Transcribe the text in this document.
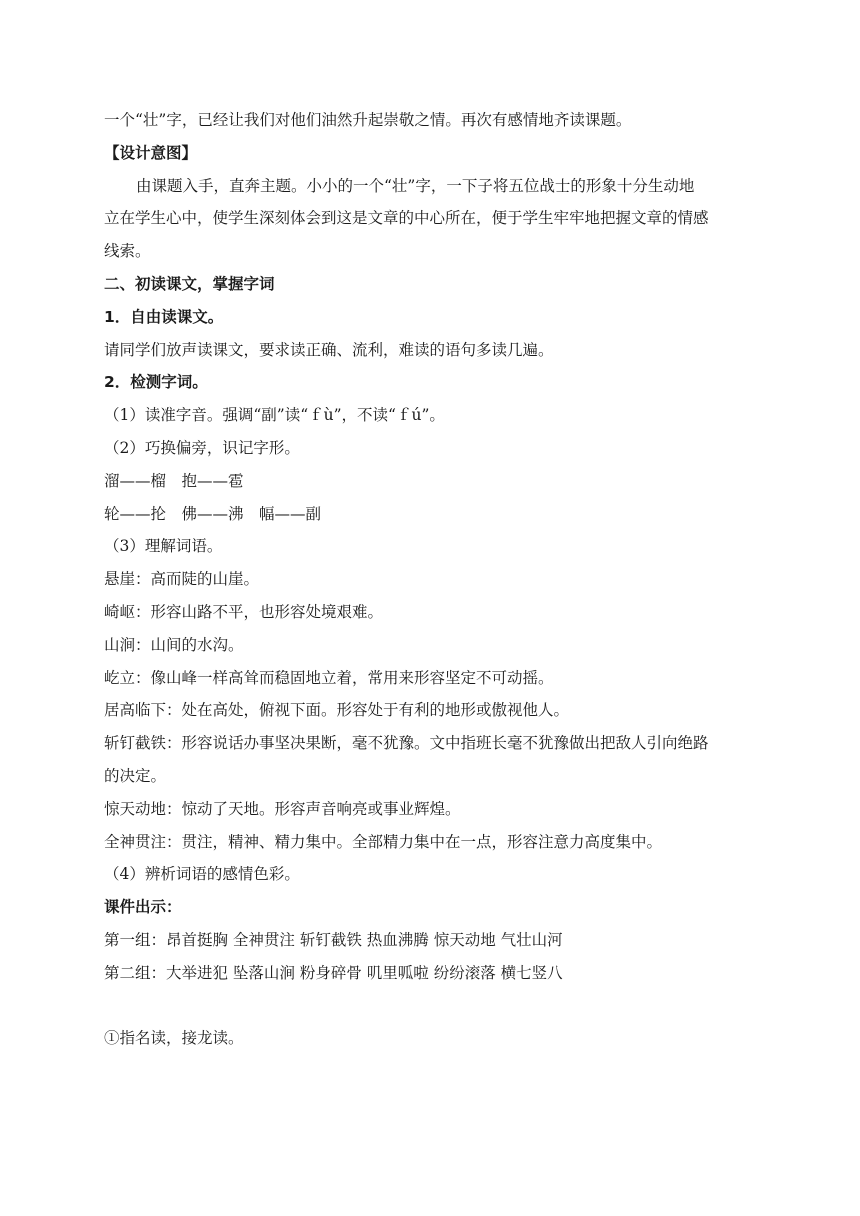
一个“壮”字，已经让我们对他们油然升起崇敬之情。再次有感情地齐读课题。
【设计意图】
由课题入手，直奔主题。小小的一个“壮”字，一下子将五位战士的形象十分生动地
立在学生心中，使学生深刻体会到这是文章的中心所在，便于学生牢牢地把握文章的情感
线索。
二、初读课文，掌握字词
1．自由读课文。
请同学们放声读课文，要求读正确、流利，难读的语句多读几遍。
2．检测字词。
（1）读准字音。强调“副”读“ｆù”，不读“ｆú”。
（2）巧换偏旁，识记字形。
溜——榴　抱——雹
轮——抡　佛——沸　幅——副
（3）理解词语。
悬崖：高而陡的山崖。
崎岖：形容山路不平，也形容处境艰难。
山涧：山间的水沟。
屹立：像山峰一样高耸而稳固地立着，常用来形容坚定不可动摇。
居高临下：处在高处，俯视下面。形容处于有利的地形或傲视他人。
斩钉截铁：形容说话办事坚决果断，毫不犹豫。文中指班长毫不犹豫做出把敌人引向绝路
的决定。
惊天动地：惊动了天地。形容声音响亮或事业辉煌。
全神贯注：贯注，精神、精力集中。全部精力集中在一点，形容注意力高度集中。
（4）辨析词语的感情色彩。
课件出示：
第一组：昂首挺胸 全神贯注 斩钉截铁 热血沸腾 惊天动地 气壮山河
第二组：大举进犯 坠落山涧 粉身碎骨 叽里呱啦 纷纷滚落 横七竖八
①指名读，接龙读。
